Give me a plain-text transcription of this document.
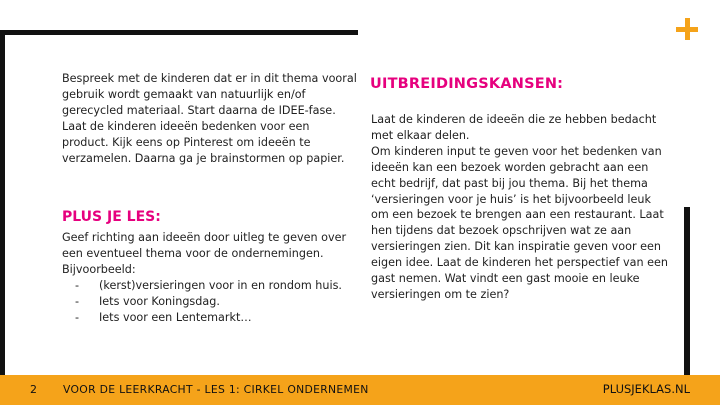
Bespreek met de kinderen dat er in dit thema vooral gebruik wordt gemaakt van natuurlijk en/of gerecycled materiaal. Start daarna de IDEE-fase. Laat de kinderen ideeën bedenken voor een product. Kijk eens op Pinterest om ideeën te verzamelen. Daarna ga je brainstormen op papier.

PLUS JE LES:

Geef richting aan ideeën door uitleg te geven over een eventueel thema voor de ondernemingen. Bijvoorbeeld:

- (kerst)versieringen voor in en rondom huis.
- Iets voor Koningsdag.
- Iets voor een Lentemarkt…
UITBREIDINGSKANSEN:

Laat de kinderen de ideeën die ze hebben bedacht met elkaar delen.

Om kinderen input te geven voor het bedenken van ideeën kan een bezoek worden gebracht aan een echt bedrijf, dat past bij jou thema. Bij het thema ‘versieringen voor je huis’ is het bijvoorbeeld leuk om een bezoek te brengen aan een restaurant. Laat hen tijdens dat bezoek opschrijven wat ze aan versieringen zien. Dit kan inspiratie geven voor een eigen idee. Laat de kinderen het perspectief van een gast nemen. Wat vindt een gast mooie en leuke versieringen om te zien?

2 VOOR DE LEERKRACHT - LES 1: CIRKEL ONDERNEMEN	PLUSJEKLAS.NL
